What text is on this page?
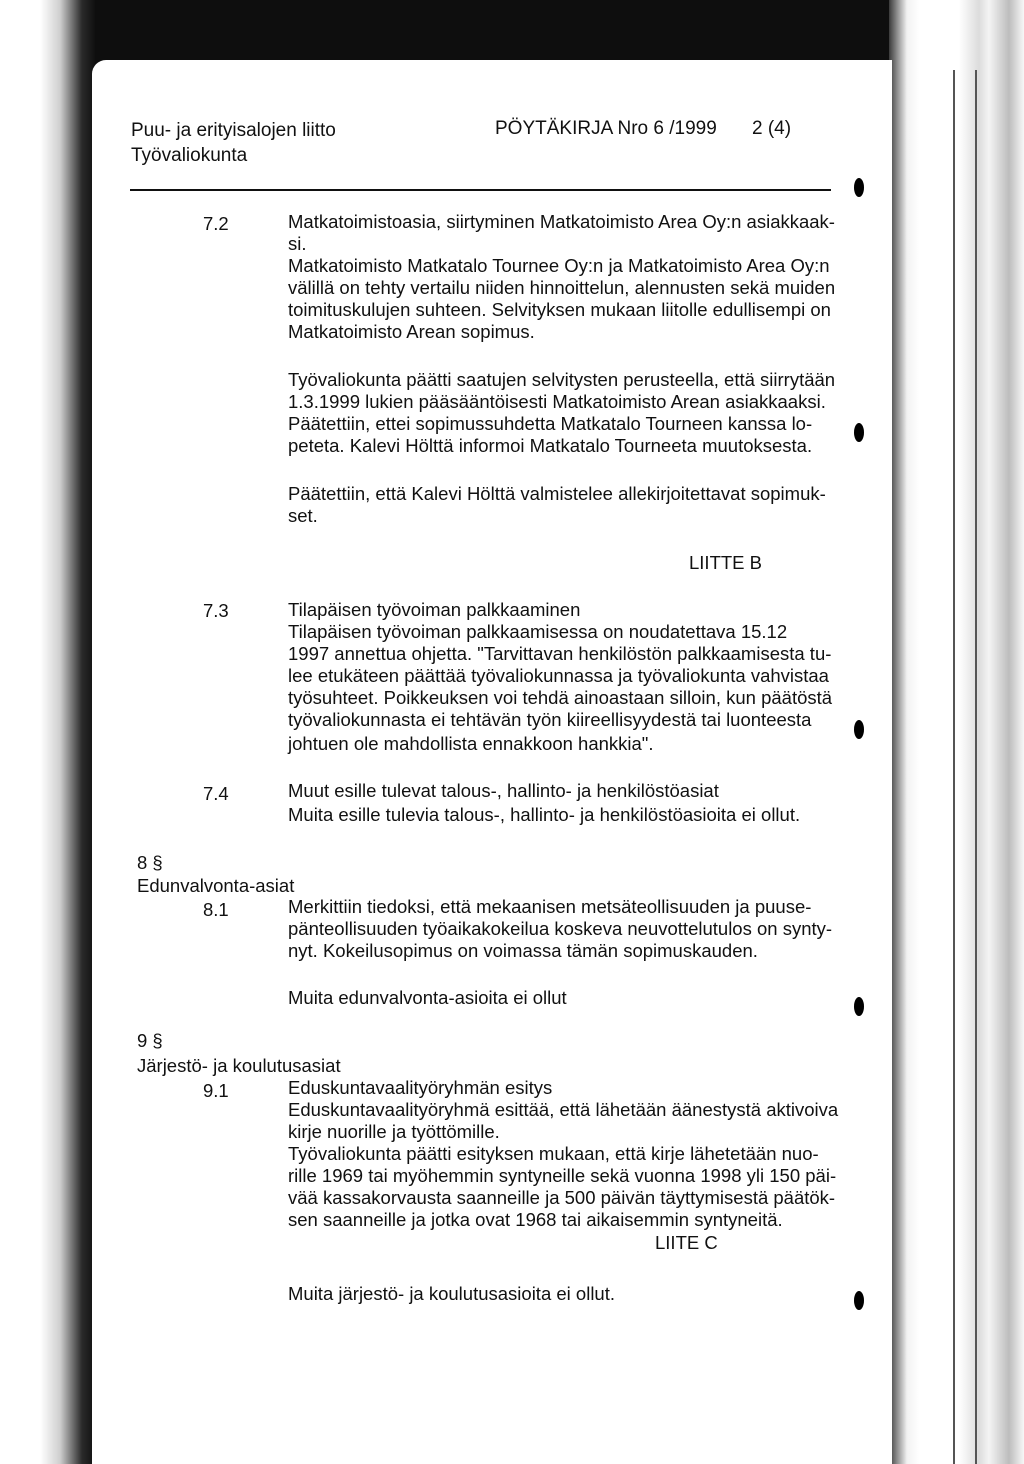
Puu- ja erityisalojen liitto
Työvaliokunta
PÖYTÄKIRJA Nro 6 /1999 2 (4)
7.2	Matkatoimistoasia, siirtyminen Matkatoimisto Area Oy:n asiakkaak-
si.
Matkatoimisto Matkatalo Tournee Oy:n ja Matkatoimisto Area Oy:n
välillä on tehty vertailu niiden hinnoittelun, alennusten sekä muiden
toimituskulujen suhteen. Selvityksen mukaan liitolle edullisempi on
Matkatoimisto Arean sopimus.
Työvaliokunta päätti saatujen selvitysten perusteella, että siirrytään
1.3.1999 lukien pääsääntöisesti Matkatoimisto Arean asiakkaaksi.
Päätettiin, ettei sopimussuhdetta Matkatalo Tourneen kanssa lo-
peteta. Kalevi Hölttä informoi Matkatalo Tourneeta muutoksesta.
Päätettiin, että Kalevi Hölttä valmistelee allekirjoitettavat sopimuk-
set.
LIITTE B
7.3	Tilapäisen työvoiman palkkaaminen
Tilapäisen työvoiman palkkaamisessa on noudatettava 15.12
1997 annettua ohjetta. "Tarvittavan henkilöstön palkkaamisesta tu-
lee etukäteen päättää työvaliokunnassa ja työvaliokunta vahvistaa
työsuhteet. Poikkeuksen voi tehdä ainoastaan silloin, kun päätöstä
työvaliokunnasta ei tehtävän työn kiireellisyydestä tai luonteesta
johtuen ole mahdollista ennakkoon hankkia".
7.4	Muut esille tulevat talous-, hallinto- ja henkilöstöasiat
Muita esille tulevia talous-, hallinto- ja henkilöstöasioita ei ollut.
8 §
Edunvalvonta-asiat
8.1	Merkittiin tiedoksi, että mekaanisen metsäteollisuuden ja puuse-
pänteollisuuden työaikakokeilua koskeva neuvottelutulos on synty-
nyt. Kokeilusopimus on voimassa tämän sopimuskauden.
Muita edunvalvonta-asioita ei ollut
9 §
Järjestö- ja koulutusasiat
9.1	Eduskuntavaalityöryhmän esitys
Eduskuntavaalityöryhmä esittää, että lähetään äänestystä aktivoiva
kirje nuorille ja työttömille.
Työvaliokunta päätti esityksen mukaan, että kirje lähetetään nuo-
rille 1969 tai myöhemmin syntyneille sekä vuonna 1998 yli 150 päi-
vää kassakorvausta saanneille ja 500 päivän täyttymisestä päätök-
sen saanneille ja jotka ovat 1968 tai aikaisemmin syntyneitä.
LIITE C
Muita järjestö- ja koulutusasioita ei ollut.
